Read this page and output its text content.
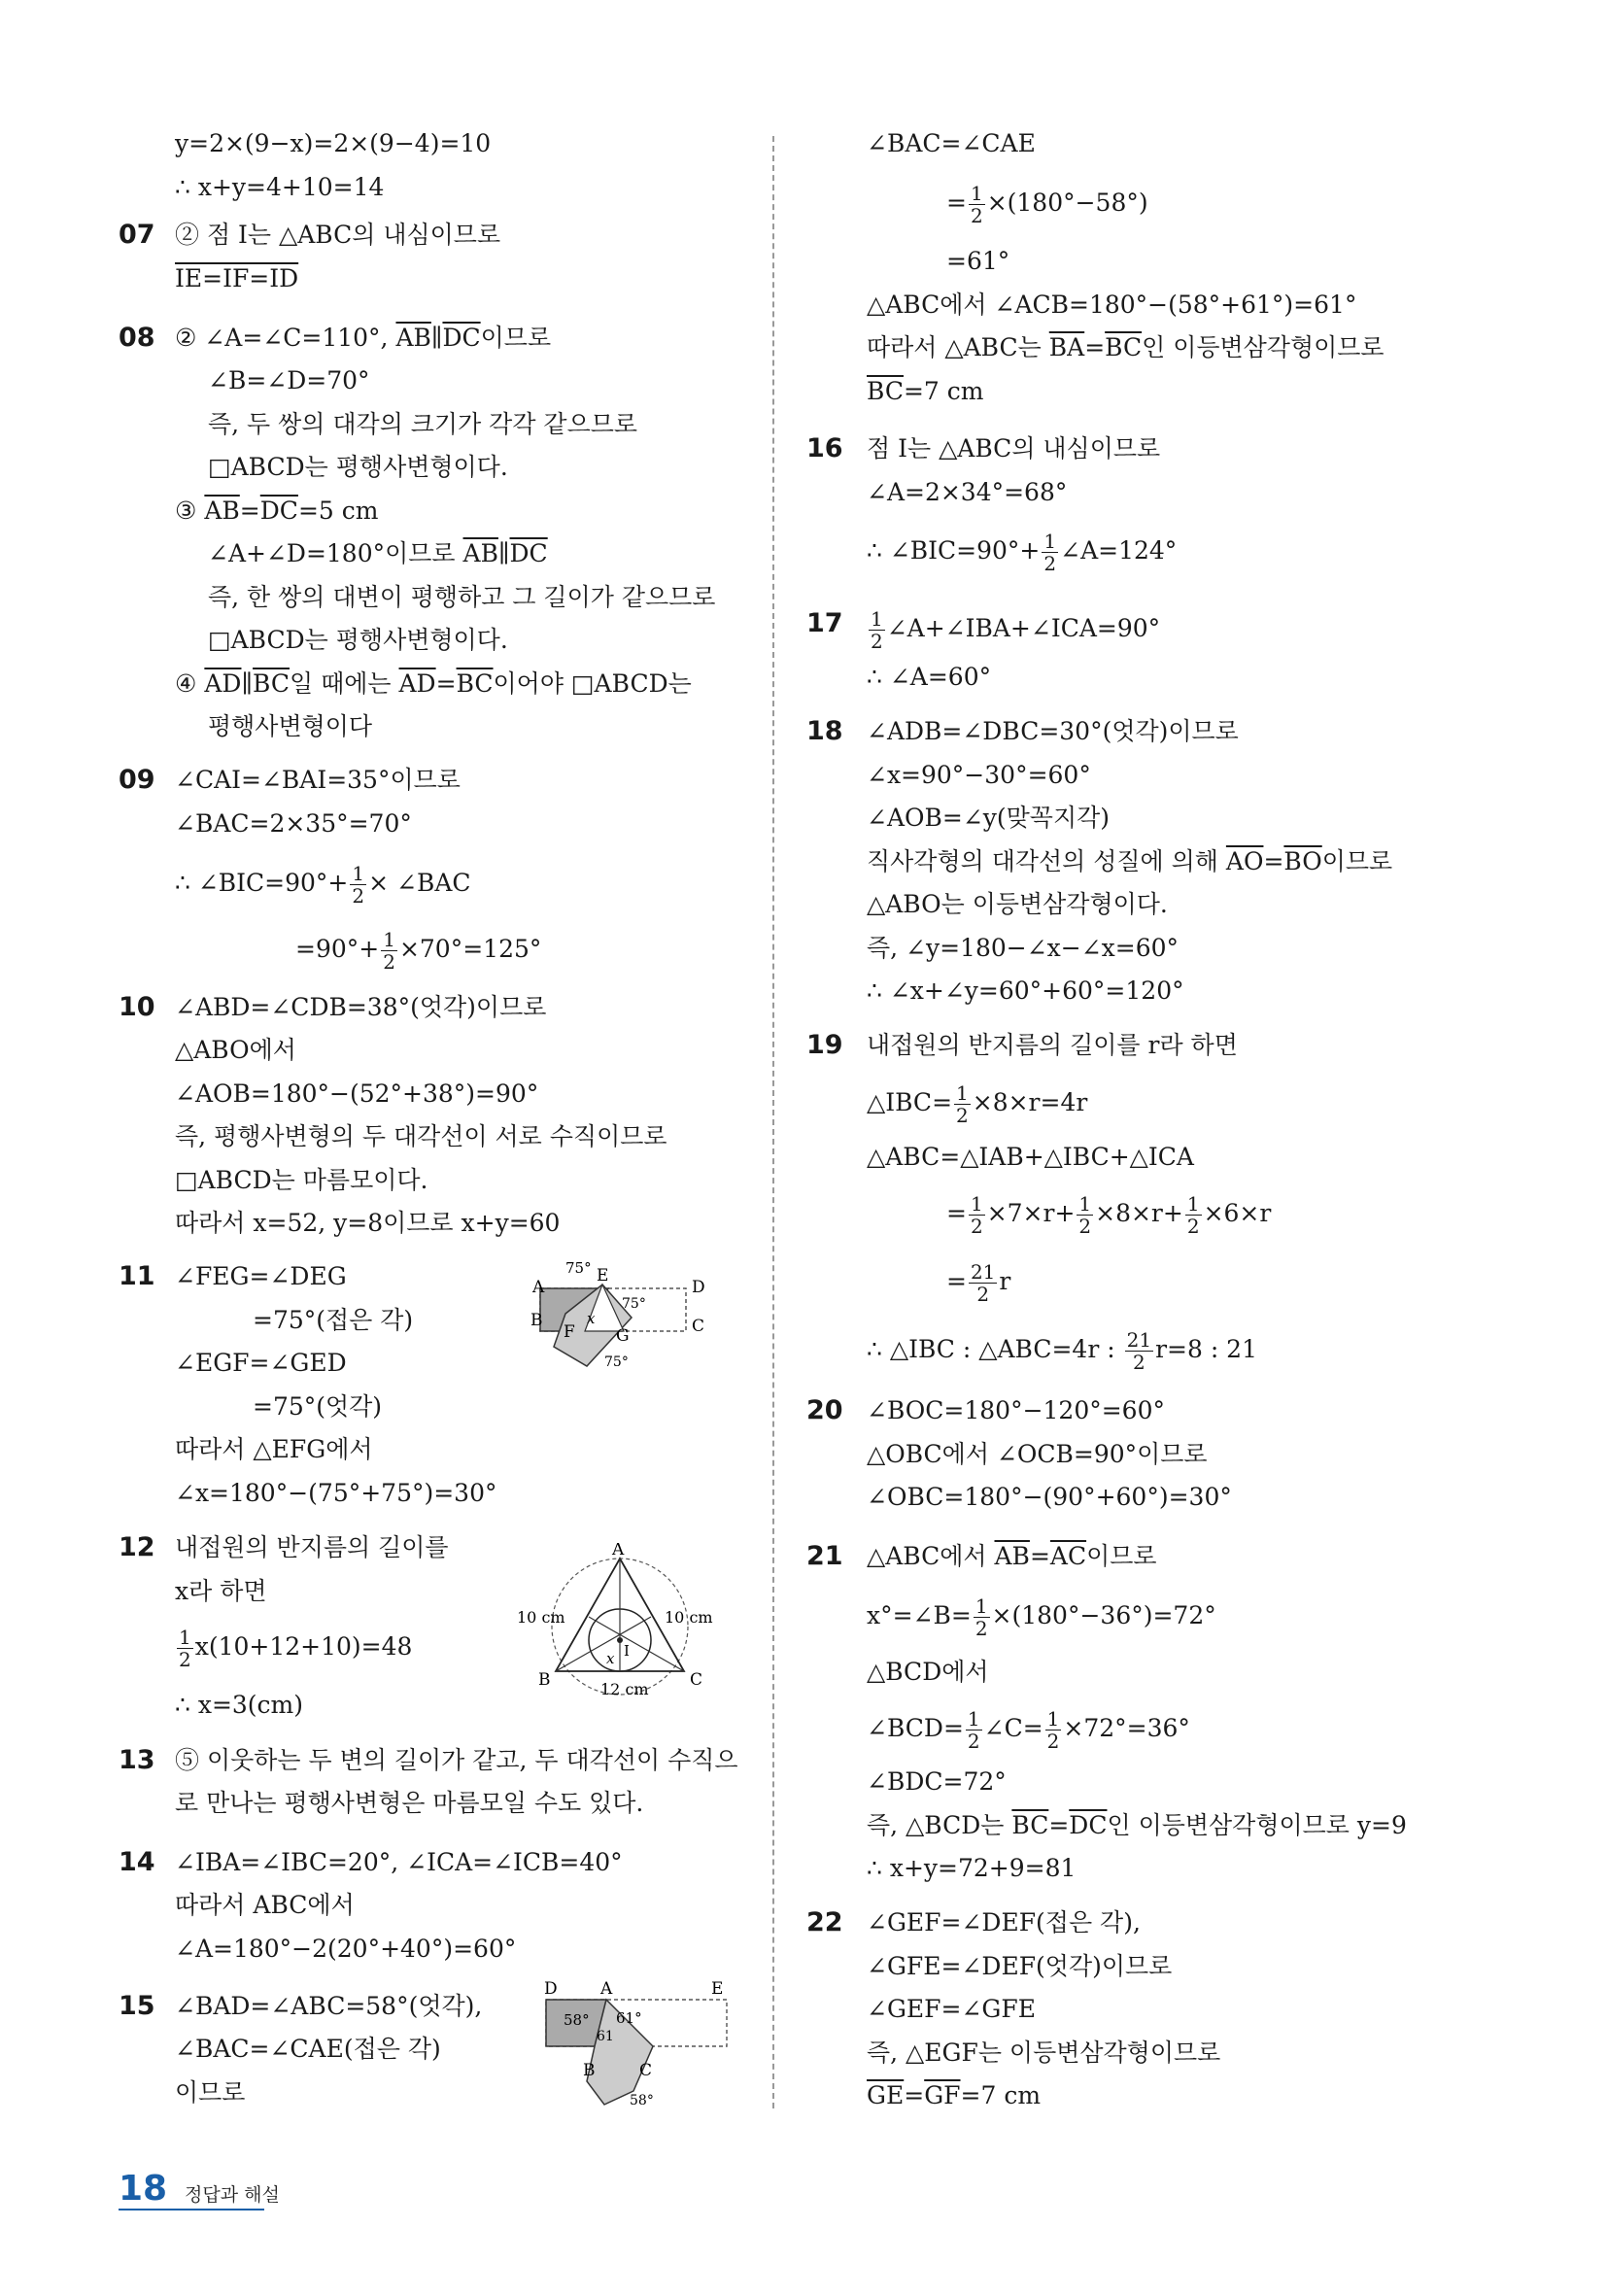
y=2×(9−x)=2×(9−4)=10
∴ x+y=4+10=14
07 ② 점 I는 △ABC의 내심이므로
IE=IF=ID
08 ② ∠A=∠C=110°, $\overline{AB}\parallel\overline{DC}$이므로
∠B=∠D=70°
즉, 두 쌍의 대각의 크기가 각각 같으므로
□ABCD는 평행사변형이다.
③ $\overline{AB}=\overline{DC}=5$ cm
∠A+∠D=180°이므로 $\overline{AB}\parallel\overline{DC}$
즉, 한 쌍의 대변이 평행하고 그 길이가 같으므로
□ABCD는 평행사변형이다.
④ $\overline{AD}\parallel\overline{BC}$일 때에는 $\overline{AD}=\overline{BC}$이어야 □ABCD는
평행사변형이다
09 ∠CAI=∠BAI=35°이므로
∠BAC=2×35°=70°
∴ ∠BIC=90°+ $\frac{1}{2}$ × ∠BAC
$=90^\circ+ \frac{1}{2} \times 70^\circ=125^\circ$
10 ∠ABD=∠CDB=38°(엇각)이므로
△ABO에서
∠AOB=180°−(52°+38°)=90°
즉, 평행사변형의 두 대각선이 서로 수직이므로
□ABCD는 마름모이다.
따라서 x=52, y=8이므로 x+y=60
11 ∠FEG=∠DEG
=75°(접은 각)
∠EGF=∠GED
=75°(엇각)
따라서 △EFG에서
∠x=180°−(75°+75°)=30°
A
E
75°
D
B
F G	C
x
75°
75°
12 내접원의 반지름의 길이를
x라 하면
$\frac{1}{2} x(10+12+10)=48$
∴ x=3(cm)
A
B	C
10 cm	10 cm
12 cm
x I
13 ⑤ 이웃하는 두 변의 길이가 같고, 두 대각선이 수직으
로 만나는 평행사변형은 마름모일 수도 있다.
14 ∠IBA=∠IBC=20°, ∠ICA=∠ICB=40°
따라서 ABC에서
∠A=180°−2(20°+40°)=60°
15 ∠BAD=∠ABC=58°(엇각),
∠BAC=∠CAE(접은 각)
이므로
D	A	E
58° 61°
61
B	C
58°
∠BAC=∠CAE
= $\frac{1}{2} \times(180^\circ-58^\circ)$
=61°
△ABC에서 ∠ACB=180°−(58°+61°)=61°
따라서 △ABC는 $\overline{BA}=\overline{BC}$인 이등변삼각형이므로
$\overline{BC}=7$ cm
16 점 I는 △ABC의 내심이므로
∠A=2×34°=68°
∴ ∠BIC=90°+ $\frac{1}{2}$ ∠A=124°
$17 \frac{1}{2}$ ∠A+∠IBA+∠ICA=90°
∴ ∠A=60°
18 ∠ADB=∠DBC=30°(엇각)이므로
∠x=90°−30°=60°
∠AOB=∠y(맞꼭지각)
직사각형의 대각선의 성질에 의해 $\overline{AO}=\overline{BO}$이므로
△ABO는 이등변삼각형이다.
즉, ∠y=180−∠x−∠x=60°
∴ ∠x+∠y=60°+60°=120°
19 내접원의 반지름의 길이를 r라 하면
△IBC= $\frac{1}{2} \times 8\times r=4r$
△ABC=△IAB+△IBC+△ICA
= $\frac{1}{2} \times 7\times r+ \frac{1}{2} \times 8\times r+ \frac{1}{2} \times 6\times r$
= $\frac{21}{2}$ r
∴ △IBC : △ABC=4r : $\frac{21}{2} r=8$ : 21
20 ∠BOC=180°−120°=60°
△OBC에서 ∠OCB=90°이므로
∠OBC=180°−(90°+60°)=30°
21 △ABC에서 $\overline{AB}=\overline{AC}$이므로
x°=∠B= $\frac{1}{2} \times(180^\circ-36^\circ)=72^\circ$
△BCD에서
∠BCD= $\frac{1}{2}$ ∠C= $\frac{1}{2} \times 72^\circ=36^\circ$
∠BDC=72°
즉, △BCD는 $\overline{BC}=\overline{DC}$인 이등변삼각형이므로 y=9
∴ x+y=72+9=81
22 ∠GEF=∠DEF(접은 각),
∠GFE=∠DEF(엇각)이므로
∠GEF=∠GFE
즉, △EGF는 이등변삼각형이므로
$\overline{GE}=\overline{GF}=7$ cm
18 정답과 해설
